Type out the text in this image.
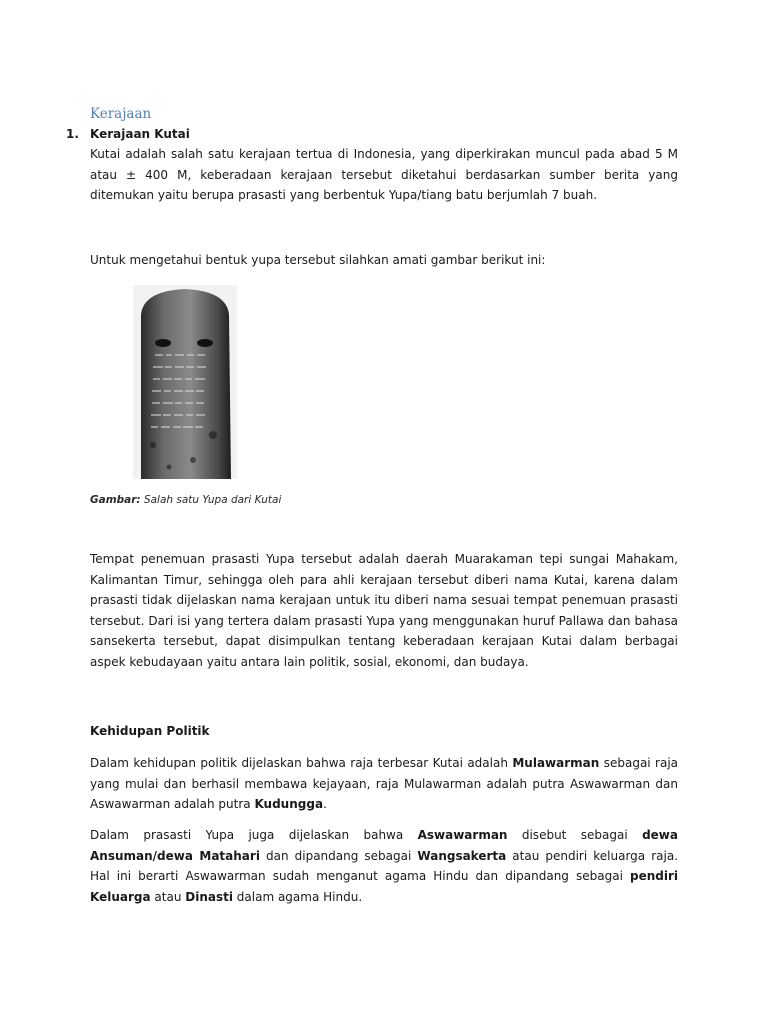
Kerajaan
1. Kerajaan Kutai

Kutai adalah salah satu kerajaan tertua di Indonesia, yang diperkirakan muncul pada abad 5 M atau ± 400 M, keberadaan kerajaan tersebut diketahui berdasarkan sumber berita yang ditemukan yaitu berupa prasasti yang berbentuk Yupa/tiang batu berjumlah 7 buah.

Untuk mengetahui bentuk yupa tersebut silahkan amati gambar berikut ini:

Gambar: Salah satu Yupa dari Kutai

Tempat penemuan prasasti Yupa tersebut adalah daerah Muarakaman tepi sungai Mahakam, Kalimantan Timur, sehingga oleh para ahli kerajaan tersebut diberi nama Kutai, karena dalam prasasti tidak dijelaskan nama kerajaan untuk itu diberi nama sesuai tempat penemuan prasasti tersebut. Dari isi yang tertera dalam prasasti Yupa yang menggunakan huruf Pallawa dan bahasa sansekerta tersebut, dapat disimpulkan tentang keberadaan kerajaan Kutai dalam berbagai aspek kebudayaan yaitu antara lain politik, sosial, ekonomi, dan budaya.

Kehidupan Politik

Dalam kehidupan politik dijelaskan bahwa raja terbesar Kutai adalah Mulawarman sebagai raja yang mulai dan berhasil membawa kejayaan, raja Mulawarman adalah putra Aswawarman dan Aswawarman adalah putra Kudungga.

Dalam prasasti Yupa juga dijelaskan bahwa Aswawarman disebut sebagai dewa Ansuman/dewa Matahari dan dipandang sebagai Wangsakerta atau pendiri keluarga raja. Hal ini berarti Aswawarman sudah menganut agama Hindu dan dipandang sebagai pendiri Keluarga atau Dinasti dalam agama Hindu.
